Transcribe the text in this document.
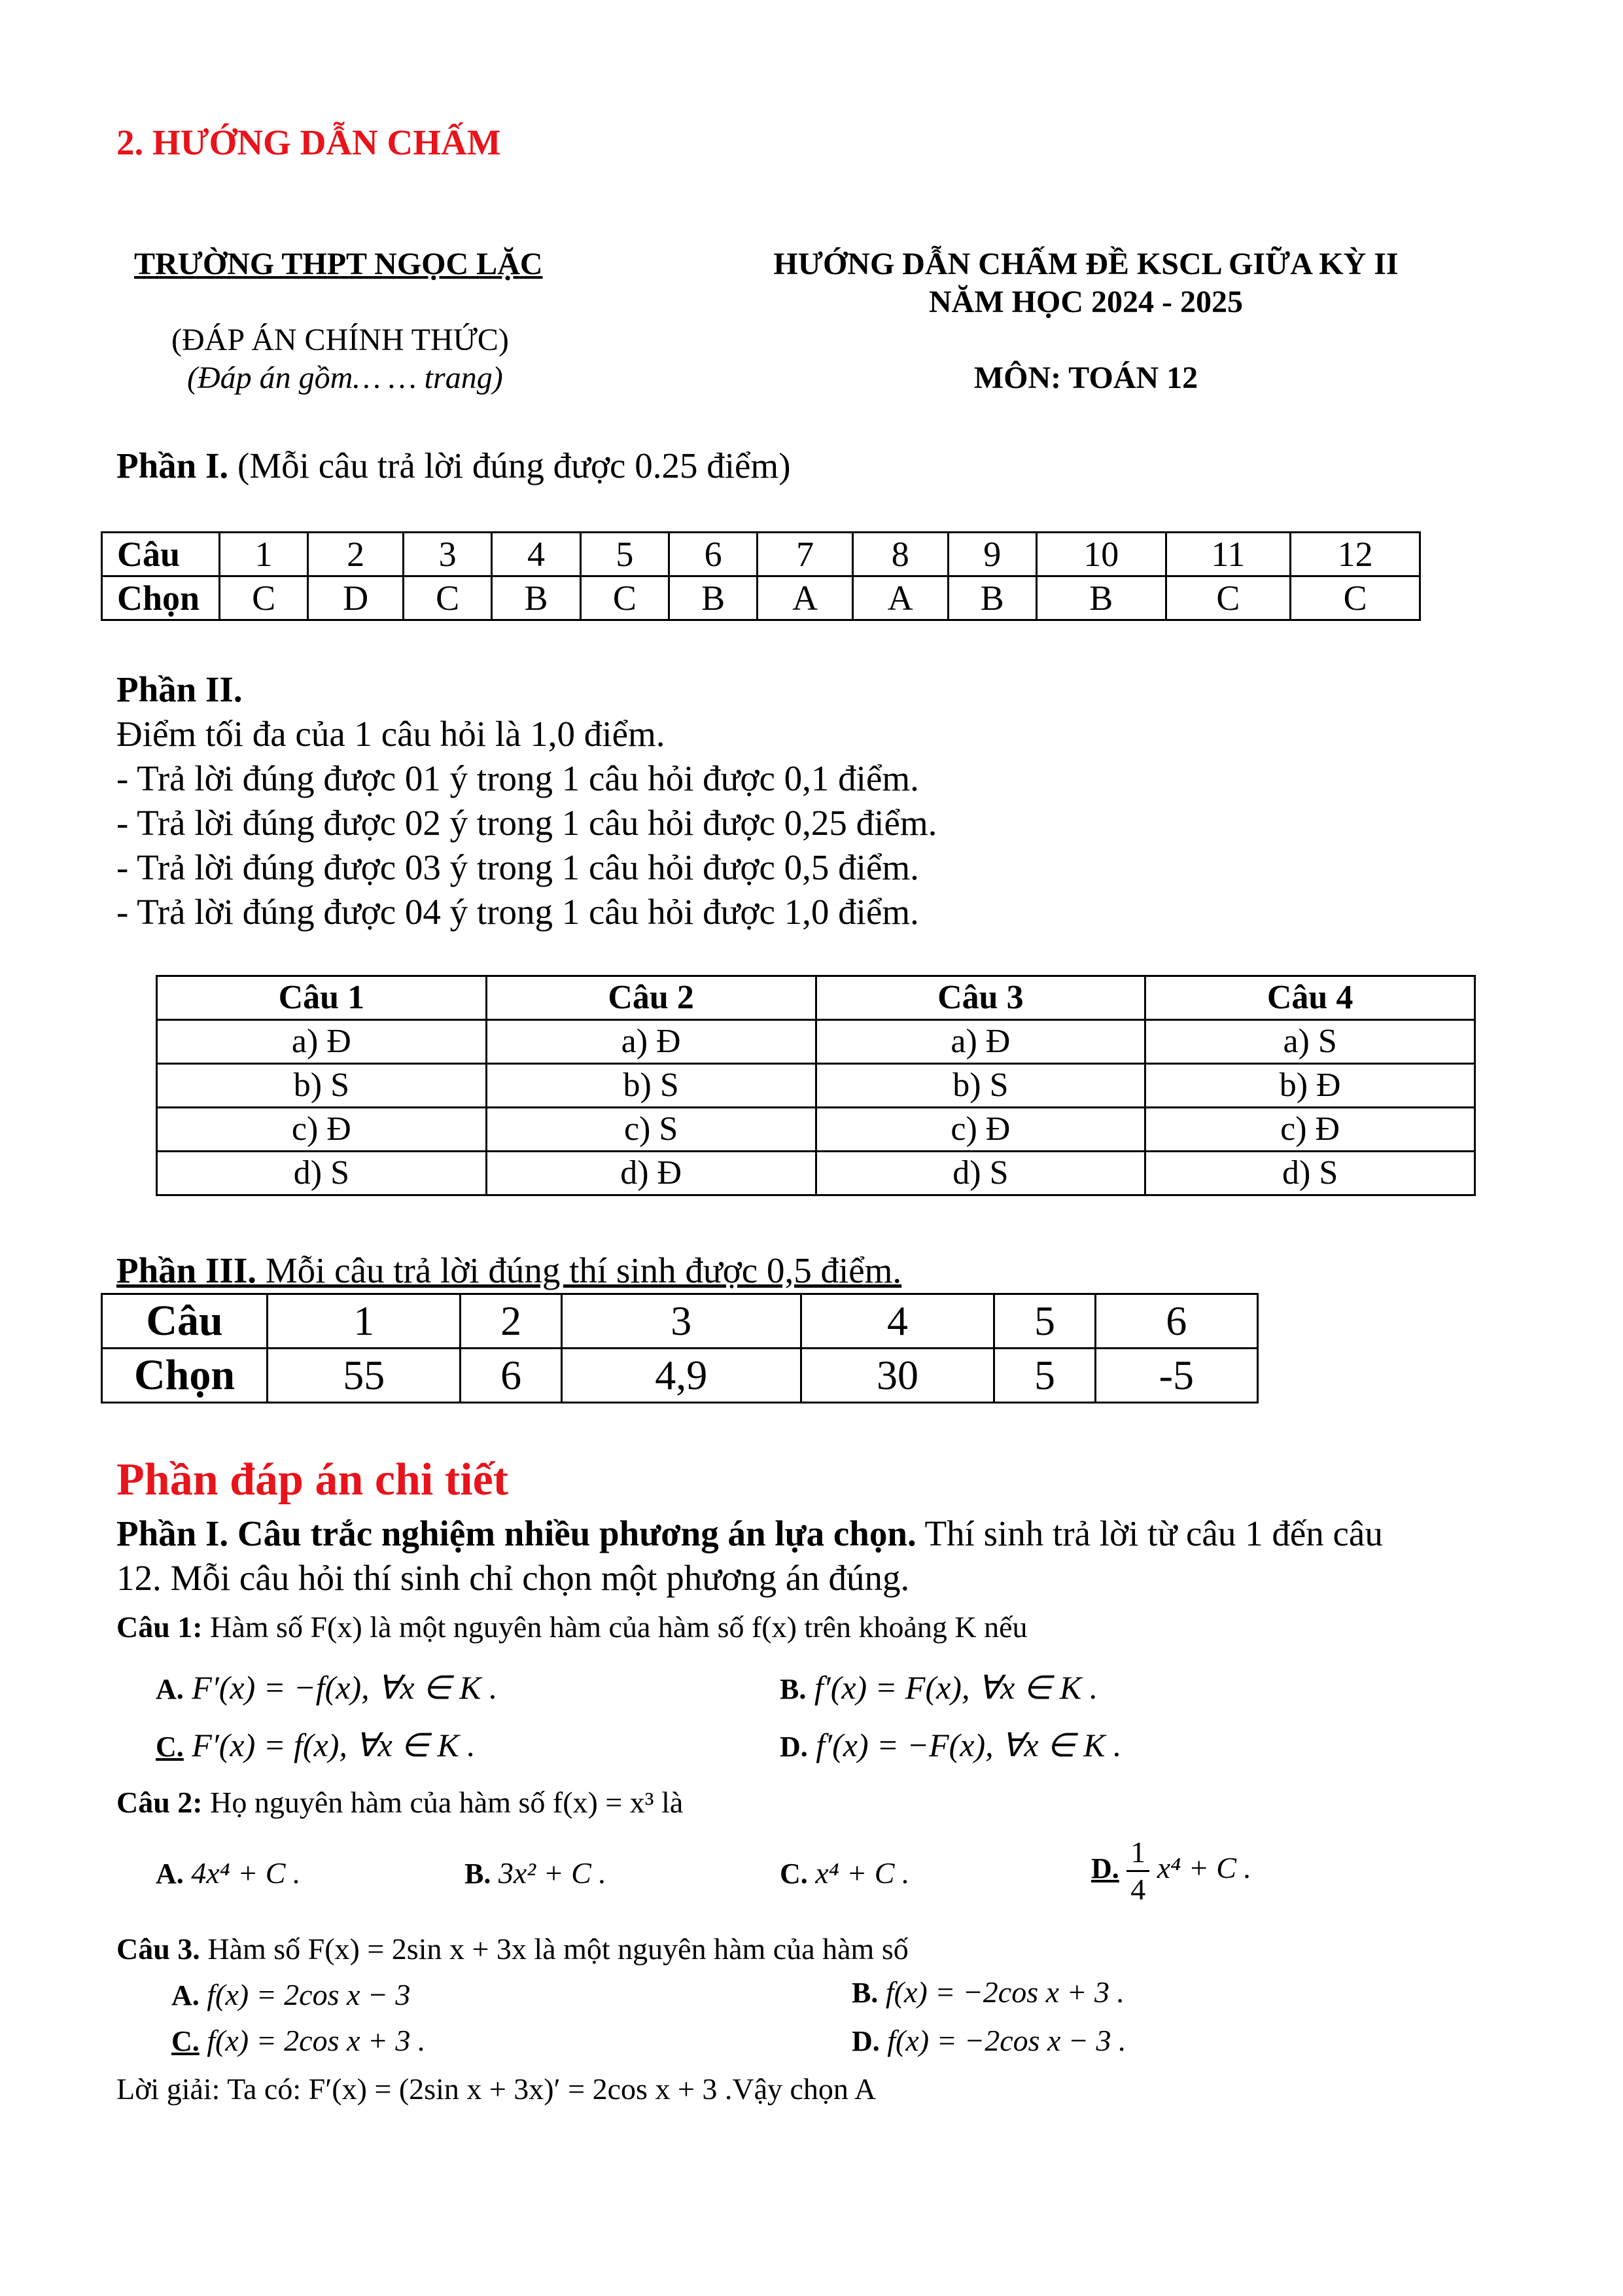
2. HƯỚNG DẪN CHẤM
TRƯỜNG THPT NGỌC LẶC
(ĐÁP ÁN CHÍNH THỨC)
(Đáp án gồm… … trang)
HƯỚNG DẪN CHẤM ĐỀ KSCL GIỮA KỲ II
NĂM HỌC 2024 - 2025
MÔN: TOÁN 12
Phần I. (Mỗi câu trả lời đúng được 0.25 điểm)
Câu	1	2	3	4	5	6	7	8	9	10	11	12
Chọn	C	D	C	B	C	B	A	A	B	B	C	C
Phần II.
Điểm tối đa của 1 câu hỏi là 1,0 điểm.
- Trả lời đúng được 01 ý trong 1 câu hỏi được 0,1 điểm.
- Trả lời đúng được 02 ý trong 1 câu hỏi được 0,25 điểm.
- Trả lời đúng được 03 ý trong 1 câu hỏi được 0,5 điểm.
- Trả lời đúng được 04 ý trong 1 câu hỏi được 1,0 điểm.
Câu 1	Câu 2	Câu 3	Câu 4
a) Đ	a) Đ	a) Đ	a) S
b) S	b) S	b) S	b) Đ
c) Đ	c) S	c) Đ	c) Đ
d) S	d) Đ	d) S	d) S
Phần III. Mỗi câu trả lời đúng thí sinh được 0,5 điểm.
Câu	1	2	3	4	5	6
Chọn	55	6	4,9	30	5	-5
Phần đáp án chi tiết
Phần I. Câu trắc nghiệm nhiều phương án lựa chọn. Thí sinh trả lời từ câu 1 đến câu
12. Mỗi câu hỏi thí sinh chỉ chọn một phương án đúng.
Câu 1: Hàm số F(x) là một nguyên hàm của hàm số f(x) trên khoảng K nếu
A. F′(x) = −f(x), ∀x ∈ K .	B. f′(x) = F(x), ∀x ∈ K .
C. F′(x) = f(x), ∀x ∈ K .	D. f′(x) = −F(x), ∀x ∈ K .
Câu 2: Họ nguyên hàm của hàm số f(x) = x³ là
A. 4x⁴ + C .	B. 3x² + C .	C. x⁴ + C .	D. $\frac{1}{4} x^4 + C$ .
Câu 3. Hàm số F(x) = 2sin x + 3x là một nguyên hàm của hàm số
A. f(x) = 2cos x − 3	B. f(x) = −2cos x + 3 .
C. f(x) = 2cos x + 3 .	D. f(x) = −2cos x − 3 .
Lời giải: Ta có: F′(x) = (2sin x + 3x)′ = 2cos x + 3 .Vậy chọn A
